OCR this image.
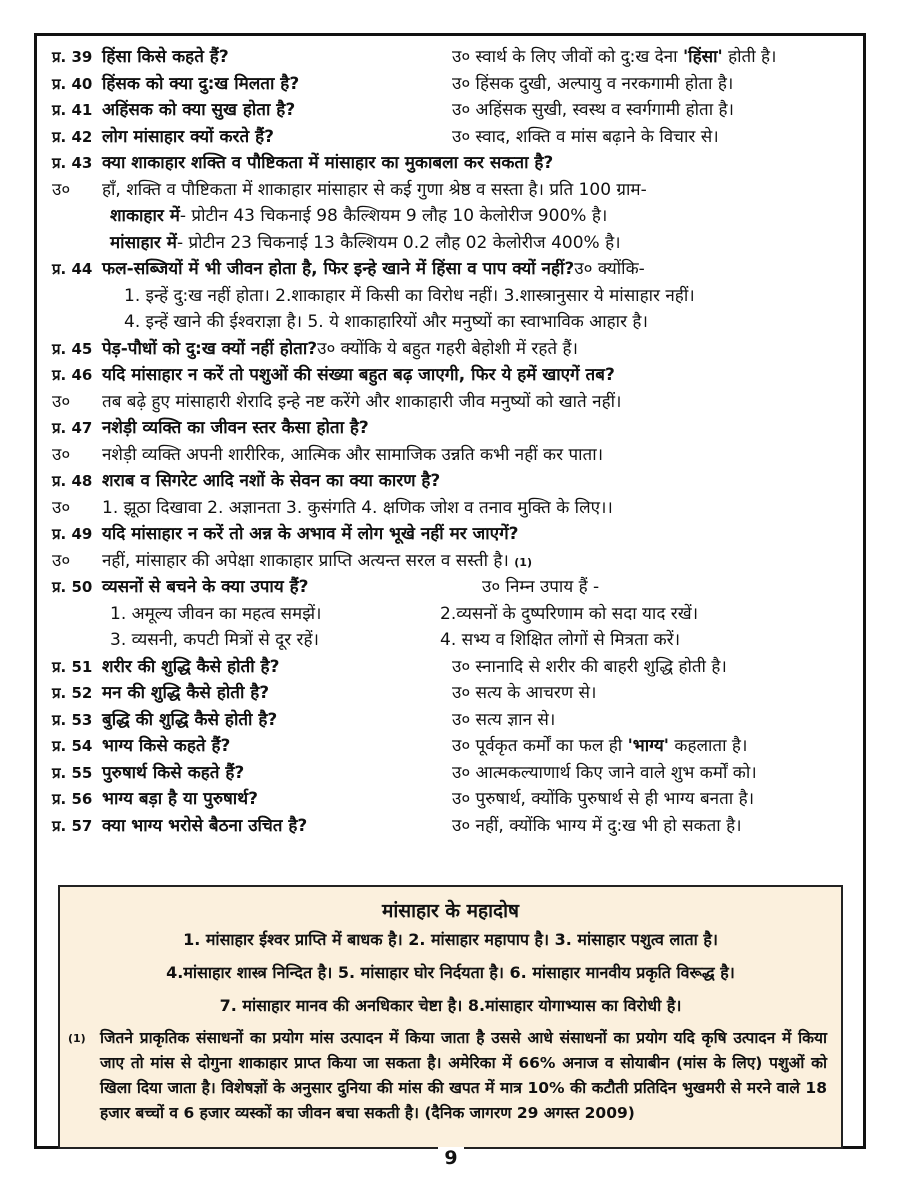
प्र. 39 हिंसा किसे कहते हैं?	उ० स्वार्थ के लिए जीवों को दु:ख देना 'हिंसा' होती है।
प्र. 40 हिंसक को क्या दु:ख मिलता है?	उ० हिंसक दुखी, अल्पायु व नरकगामी होता है।
प्र. 41 अहिंसक को क्या सुख होता है?	उ० अहिंसक सुखी, स्वस्थ व स्वर्गगामी होता है।
प्र. 42 लोग मांसाहार क्यों करते हैं?	उ० स्वाद, शक्ति व मांस बढ़ाने के विचार से।
प्र. 43 क्या शाकाहार शक्ति व पौष्टिकता में मांसाहार का मुकाबला कर सकता है?
उ०	हाँ, शक्ति व पौष्टिकता में शाकाहार मांसाहार से कई गुणा श्रेष्ठ व सस्ता है। प्रति 100 ग्राम-
शाकाहार में - प्रोटीन 43 चिकनाई 98 कैल्शियम 9 लौह 10 केलोरीज 900% है।
मांसाहार में - प्रोटीन 23 चिकनाई 13 कैल्शियम 0.2 लौह 02 केलोरीज 400% है।
प्र. 44 फल-सब्जियों में भी जीवन होता है, फिर इन्हे खाने में हिंसा व पाप क्यों नहीं? उ० क्योंकि-
1. इन्हें दु:ख नहीं होता। 2.शाकाहार में किसी का विरोध नहीं। 3.शास्त्रानुसार ये मांसाहार नहीं।
4. इन्हें खाने की ईश्वराज्ञा है। 5. ये शाकाहारियों और मनुष्यों का स्वाभाविक आहार है।
प्र. 45 पेड़-पौधों को दु:ख क्यों नहीं होता? उ० क्योंकि ये बहुत गहरी बेहोशी में रहते हैं।
प्र. 46 यदि मांसाहार न करें तो पशुओं की संख्या बहुत बढ़ जाएगी, फिर ये हमें खाएगें तब?
उ०	तब बढ़े हुए मांसाहारी शेरादि इन्हे नष्ट करेंगे और शाकाहारी जीव मनुष्यों को खाते नहीं।
प्र. 47 नशेड़ी व्यक्ति का जीवन स्तर कैसा होता है?
उ०	नशेड़ी व्यक्ति अपनी शारीरिक, आत्मिक और सामाजिक उन्नति कभी नहीं कर पाता।
प्र. 48 शराब व सिगरेट आदि नशों के सेवन का क्या कारण है?
उ०	1. झूठा दिखावा 2. अज्ञानता 3. कुसंगति 4. क्षणिक जोश व तनाव मुक्ति के लिए।।
प्र. 49 यदि मांसाहार न करें तो अन्न के अभाव में लोग भूखे नहीं मर जाएगें?
उ०	नहीं, मांसाहार की अपेक्षा शाकाहार प्राप्ति अत्यन्त सरल व सस्ती है।
(1)
प्र. 50 व्यसनों से बचने के क्या उपाय हैं?	उ० निम्न उपाय हैं -
1. अमूल्य जीवन का महत्व समझें।	2.व्यसनों के दुष्परिणाम को सदा याद रखें।
3. व्यसनी, कपटी मित्रों से दूर रहें।	4. सभ्य व शिक्षित लोगों से मित्रता करें।
प्र. 51 शरीर की शुद्धि कैसे होती है?	उ० स्नानादि से शरीर की बाहरी शुद्धि होती है।
प्र. 52 मन की शुद्धि कैसे होती है?	उ० सत्य के आचरण से।
प्र. 53 बुद्धि की शुद्धि कैसे होती है?	उ० सत्य ज्ञान से।
प्र. 54 भाग्य किसे कहते हैं?	उ० पूर्वकृत कर्मों का फल ही 'भाग्य' कहलाता है।
प्र. 55 पुरुषार्थ किसे कहते हैं?	उ० आत्मकल्याणार्थ किए जाने वाले शुभ कर्मों को।
प्र. 56 भाग्य बड़ा है या पुरुषार्थ?	उ० पुरुषार्थ, क्योंकि पुरुषार्थ से ही भाग्य बनता है।
प्र. 57 क्या भाग्य भरोसे बैठना उचित है?	उ० नहीं, क्योंकि भाग्य में दु:ख भी हो सकता है।
मांसाहार के महादोष
1. मांसाहार ईश्वर प्राप्ति में बाधक है। 2. मांसाहार महापाप है। 3. मांसाहार पशुत्व लाता है।
4.मांसाहार शास्त्र निन्दित है। 5. मांसाहार घोर निर्दयता है। 6. मांसाहार मानवीय प्रकृति विरूद्ध है।
7. मांसाहार मानव की अनधिकार चेष्टा है। 8.मांसाहार योगाभ्यास का विरोधी है।
(1) जितने प्राकृतिक संसाधनों का प्रयोग मांस उत्पादन में किया जाता है उससे आधे संसाधनों का प्रयोग यदि कृषि उत्पादन में किया जाए तो मांस से दोगुना शाकाहार प्राप्त किया जा सकता है। अमेरिका में 66% अनाज व सोयाबीन (मांस के लिए) पशुओं को खिला दिया जाता है। विशेषज्ञों के अनुसार दुनिया की मांस की खपत में मात्र 10% की कटौती प्रतिदिन भुखमरी से मरने वाले 18 हजार बच्चों व 6 हजार व्यस्कों का जीवन बचा सकती है। (दैनिक जागरण 29 अगस्त 2009)
9
